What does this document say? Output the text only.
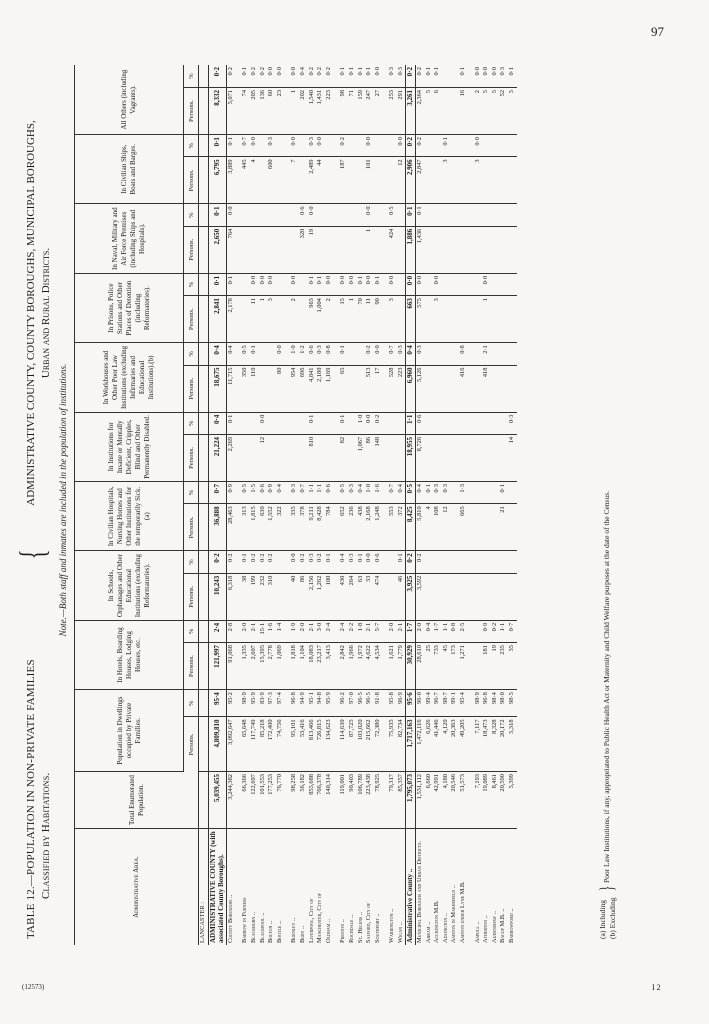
97
(12573)	I 2
TABLE 12.—POPULATION IN NON-PRIVATE FAMILIES Classified by Habitations.
{
ADMINISTRATIVE COUNTY, COUNTY BOROUGHS, MUNICIPAL BOROUGHS, Urban and Rural Districts.
Note.—Both staff and inmates are included in the population of institutions.
Administrative Area.	Total Enumerated Population.	Population in Dwellings occupied by Private Families.		In Hotels, Boarding Houses, Lodging Houses, etc.		In Schools, Orphanages and Other Educational Institutions (excluding Reformatories).		In Civilian Hospitals, Nursing Homes and Other Institutions for the temporarily Sick.(a)		In Institutions for Insane or Mentally Deficient, Cripples, Blind and Other Permanently Disabled.		In Workhouses and Other Poor Law Institutions (excluding Infirmaries and Educational Institutions).(b)		In Prisons, Police Stations and Other Places of Detention (including Reformatories).		In Naval, Military and Air Force Premises (including Ships and Hospitals).		In Civilian Ships, Boats and Barges.		All Others (including Vagrants).	
		Persons.	%	Persons.	%	Persons.	%	Persons.	%	Persons.	%	Persons.	%	Persons.	%	Persons.	%	Persons.	%	Persons.	%
LANCASTER :																					
ADMINISTRATIVE COUNTY (with associated County Boroughs).	5,039,455	4,809,810	95·4	121,997	2·4	10,243	0·2	36,888	0·7	21,224	0·4	18,675	0·4	2,841	0·1	2,650	0·1	6,795	0·1	8,332	0·2
County Boroughs ..	3,244,382	3,092,647	95·2	91,068	2·8	6,318	0·2	28,463	0·9	2,269	0·1	11,715	0·4	2,178	0·1	764	0·0	3,889	0·1	5,071	0·2

Barrow in Furness	66,366	65,648	98·9	1,335	2·0	38	0·1	313	0·5			350	0·5					445	0·7	74	0·1
Blackburn ..	122,697	117,749	95·9	2,607	2·1	199	0·2	1,815	1·5			110	0·1	11	0·0			4	0·0	205	0·2
Blackpool ..	101,553	85,218	83·9	15,395	15·1	232	0·2	630	0·6	12	0·0			1	0·0					136	0·2
Bolton ..	177,253	172,400	97·3	2,778	1·6	310	0·2	1,552	0·9					3	0·0			600	0·3	60	0·0
Bootle ..	76,770	74,756	97·4	1,069	1·4			322	0·4			80	0·0							23	0·0

Burnley ..	98,258	95,101	96·8	1,818	1·9	40	0·0	335	0·3			954	1·0	2	0·0			7	0·0	1	0·0
Bury ..	56,182	53,416	94·9	1,104	2·0	86	0·2	378	0·7			696	1·2			320	0·6			202	0·4
Liverpool, City of	855,688	813,466	95·1	18,083	2·1	2,156	0·3	9,211	1·1	810	0·1	4,841	0·6	963	0·1	19	0·0	2,489	0·3	1,540	0·2
Manchester, City of	766,378	726,815	94·8	23,217	3·0	1,262	0·2	8,428	1·1			2,180	0·3	1,004	0·1			44	0·0	1,431	0·2
Oldham ..	140,314	134,623	95·9	3,413	2·4	100	0·1	784	0·6			1,169	0·8	2	0·0					223	0·2

Preston ..	119,001	114,630	96·2	2,842	2·4	430	0·4	652	0·5	82	0·1	65	0·1	15	0·0			187	0·2	98	0·1
Rochdale ..	90,403	87,725	97·0	1,966	2·2	264	0·3	236	0·3					1	0·0					71	0·1
St. Helens ..	106,789	103,020	96·5	1,972	1·8	63	0·1	438	0·4	1,067	1·0			70	0·1					159	0·1
Salford, City of	223,438	215,662	96·5	4,622	2·1	33	0·0	2,168	1·0	86	0·0	513	0·2	11	0·0	1	0·0	101	0·0	247	0·1
Southport ..	78,925	72,380	91·8	4,534	5·7	474	0·6	1,248	1·6	148	0·2	17	0·0	90	0·1					27	0·0

Warrington ..	79,317	75,935	95·8	1,621	2·0			553	0·7			528	0·7	3	0·0	424	0·5			253	0·3
Wigan ..	85,357	82,734	96·9	1,779	2·1	46	0·1	372	0·4			223	0·3					12	0·0	291	0·3
Administrative County ..	1,795,073	1,717,163	95·6	30,929	1·7	3,925	0·2	8,425	0·5	18,955	1·1	6,960	0·4	663	0·0	1,886	0·1	2,906	0·2	3,261	0·2
Municipal Boroughs and Urban Districts.	1,531,112	1,472,116	96·0	28,610	2·0	3,592	0·2	5,810	0·4	8,726	0·6	5,126	0·3	575	0·0	1,436	0·1	2,847	0·2	2,364	0·2
Abram ..	6,660	6,626	99·4	25	0·4			4	0·1											5	0·1
Accrington M.B.	42,991	41,446	96·7	733	1·7			108	0·3					3	0·0					6	0·1
Adlington ..	4,180	4,120	98·7	45	1·1			12	0·3									3	0·1		
Ashton in Makerfield ..	20,546	20,363	99·1	173	0·8																
Ashton under Lyne M.B.	51,573	49,205	95·4	1,271	2·5			665	1·3			416	0·8							16	0·1

Aspull ..	7,193	7,117	98·9															3	0·0	2	0·0
Atherton ..	19,089	18,473	96·8	181	0·9							418	2·1	1	0·0					5	0·0
Audenshaw ..	8,461	8,328	98·4	19	0·2															5	0·0
Bacup M.B. ..	20,590	20,172	98·0	235	1·1			21	0·1											52	0·3
Barrowford ..	5,399	5,318	98·5	35	0·7					14	0·3									5	0·1
(a) Including (b) Excluding
}
Poor Law Institutions, if any, appropriated to Public Health Act or Maternity and Child Welfare purposes at the date of the Census.
